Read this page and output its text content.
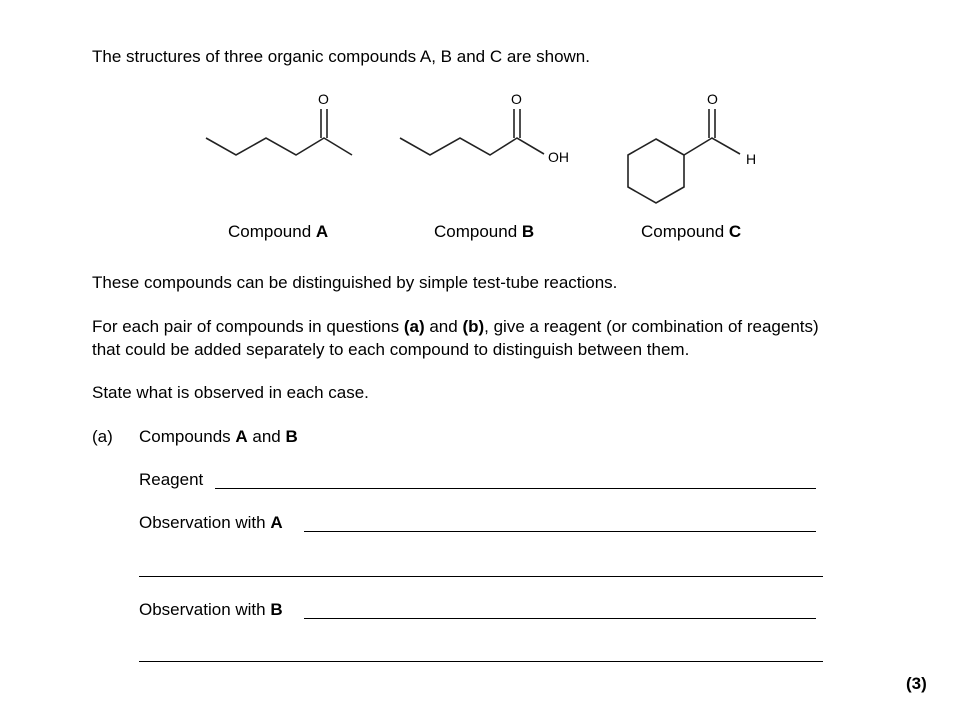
The structures of three organic compounds A, B and C are shown.
O	O
OH
O
H
Compound A	Compound B	Compound C
These compounds can be distinguished by simple test-tube reactions.
For each pair of compounds in questions (a) and (b), give a reagent (or combination of reagents)
that could be added separately to each compound to distinguish between them.
State what is observed in each case.
(a) Compounds A and B
Reagent
Observation with A
Observation with B
(3)
